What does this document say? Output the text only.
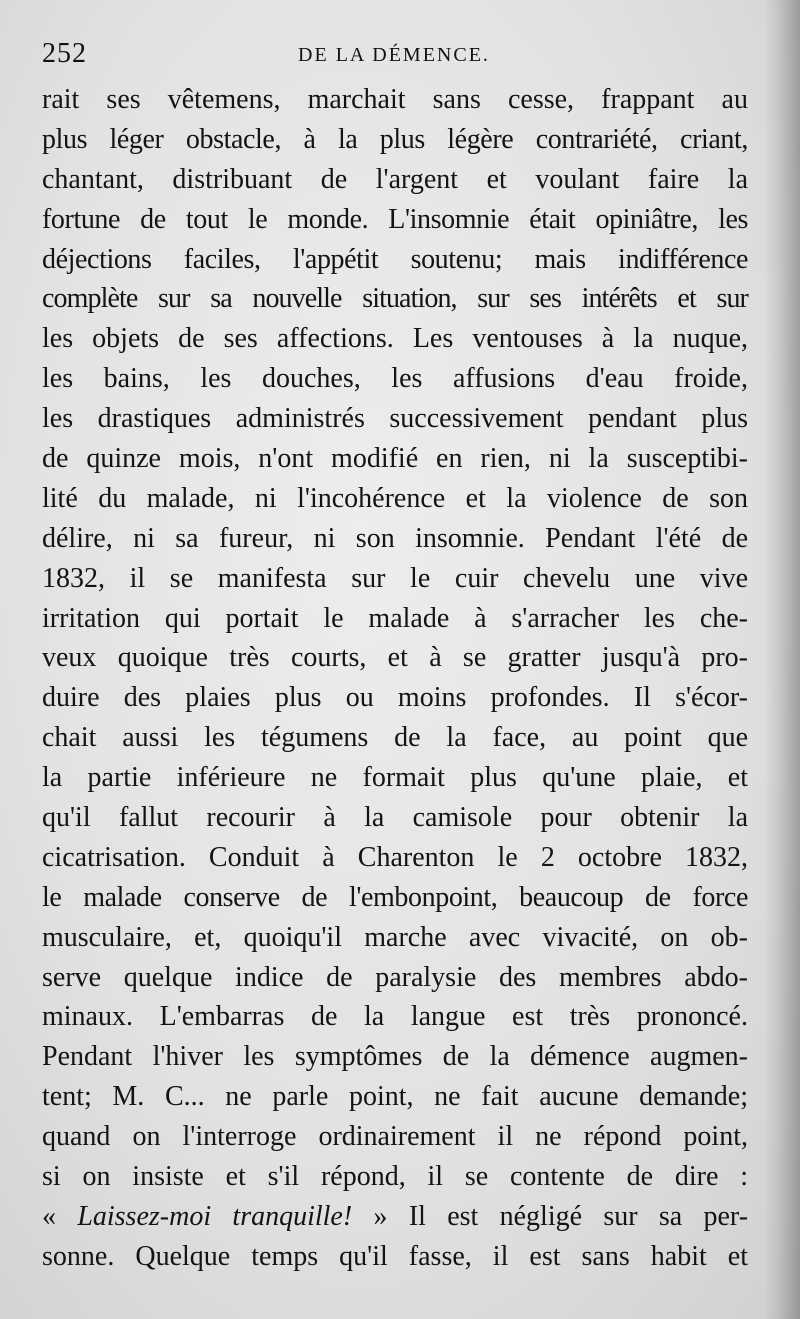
252	DE LA DÉMENCE.
rait ses vêtemens, marchait sans cesse, frappant au
plus léger obstacle, à la plus légère contrariété, criant,
chantant, distribuant de l'argent et voulant faire la
fortune de tout le monde. L'insomnie était opiniâtre, les
déjections faciles, l'appétit soutenu; mais indifférence
complète sur sa nouvelle situation, sur ses intérêts et sur
les objets de ses affections. Les ventouses à la nuque,
les bains, les douches, les affusions d'eau froide,
les drastiques administrés successivement pendant plus
de quinze mois, n'ont modifié en rien, ni la susceptibi-
lité du malade, ni l'incohérence et la violence de son
délire, ni sa fureur, ni son insomnie. Pendant l'été de
1832, il se manifesta sur le cuir chevelu une vive
irritation qui portait le malade à s'arracher les che-
veux quoique très courts, et à se gratter jusqu'à pro-
duire des plaies plus ou moins profondes. Il s'écor-
chait aussi les tégumens de la face, au point que
la partie inférieure ne formait plus qu'une plaie, et
qu'il fallut recourir à la camisole pour obtenir la
cicatrisation. Conduit à Charenton le 2 octobre 1832,
le malade conserve de l'embonpoint, beaucoup de force
musculaire, et, quoiqu'il marche avec vivacité, on ob-
serve quelque indice de paralysie des membres abdo-
minaux. L'embarras de la langue est très prononcé.
Pendant l'hiver les symptômes de la démence augmen-
tent; M. C... ne parle point, ne fait aucune demande;
quand on l'interroge ordinairement il ne répond point,
si on insiste et s'il répond, il se contente de dire :
« Laissez-moi tranquille! » Il est négligé sur sa per-
sonne. Quelque temps qu'il fasse, il est sans habit et
